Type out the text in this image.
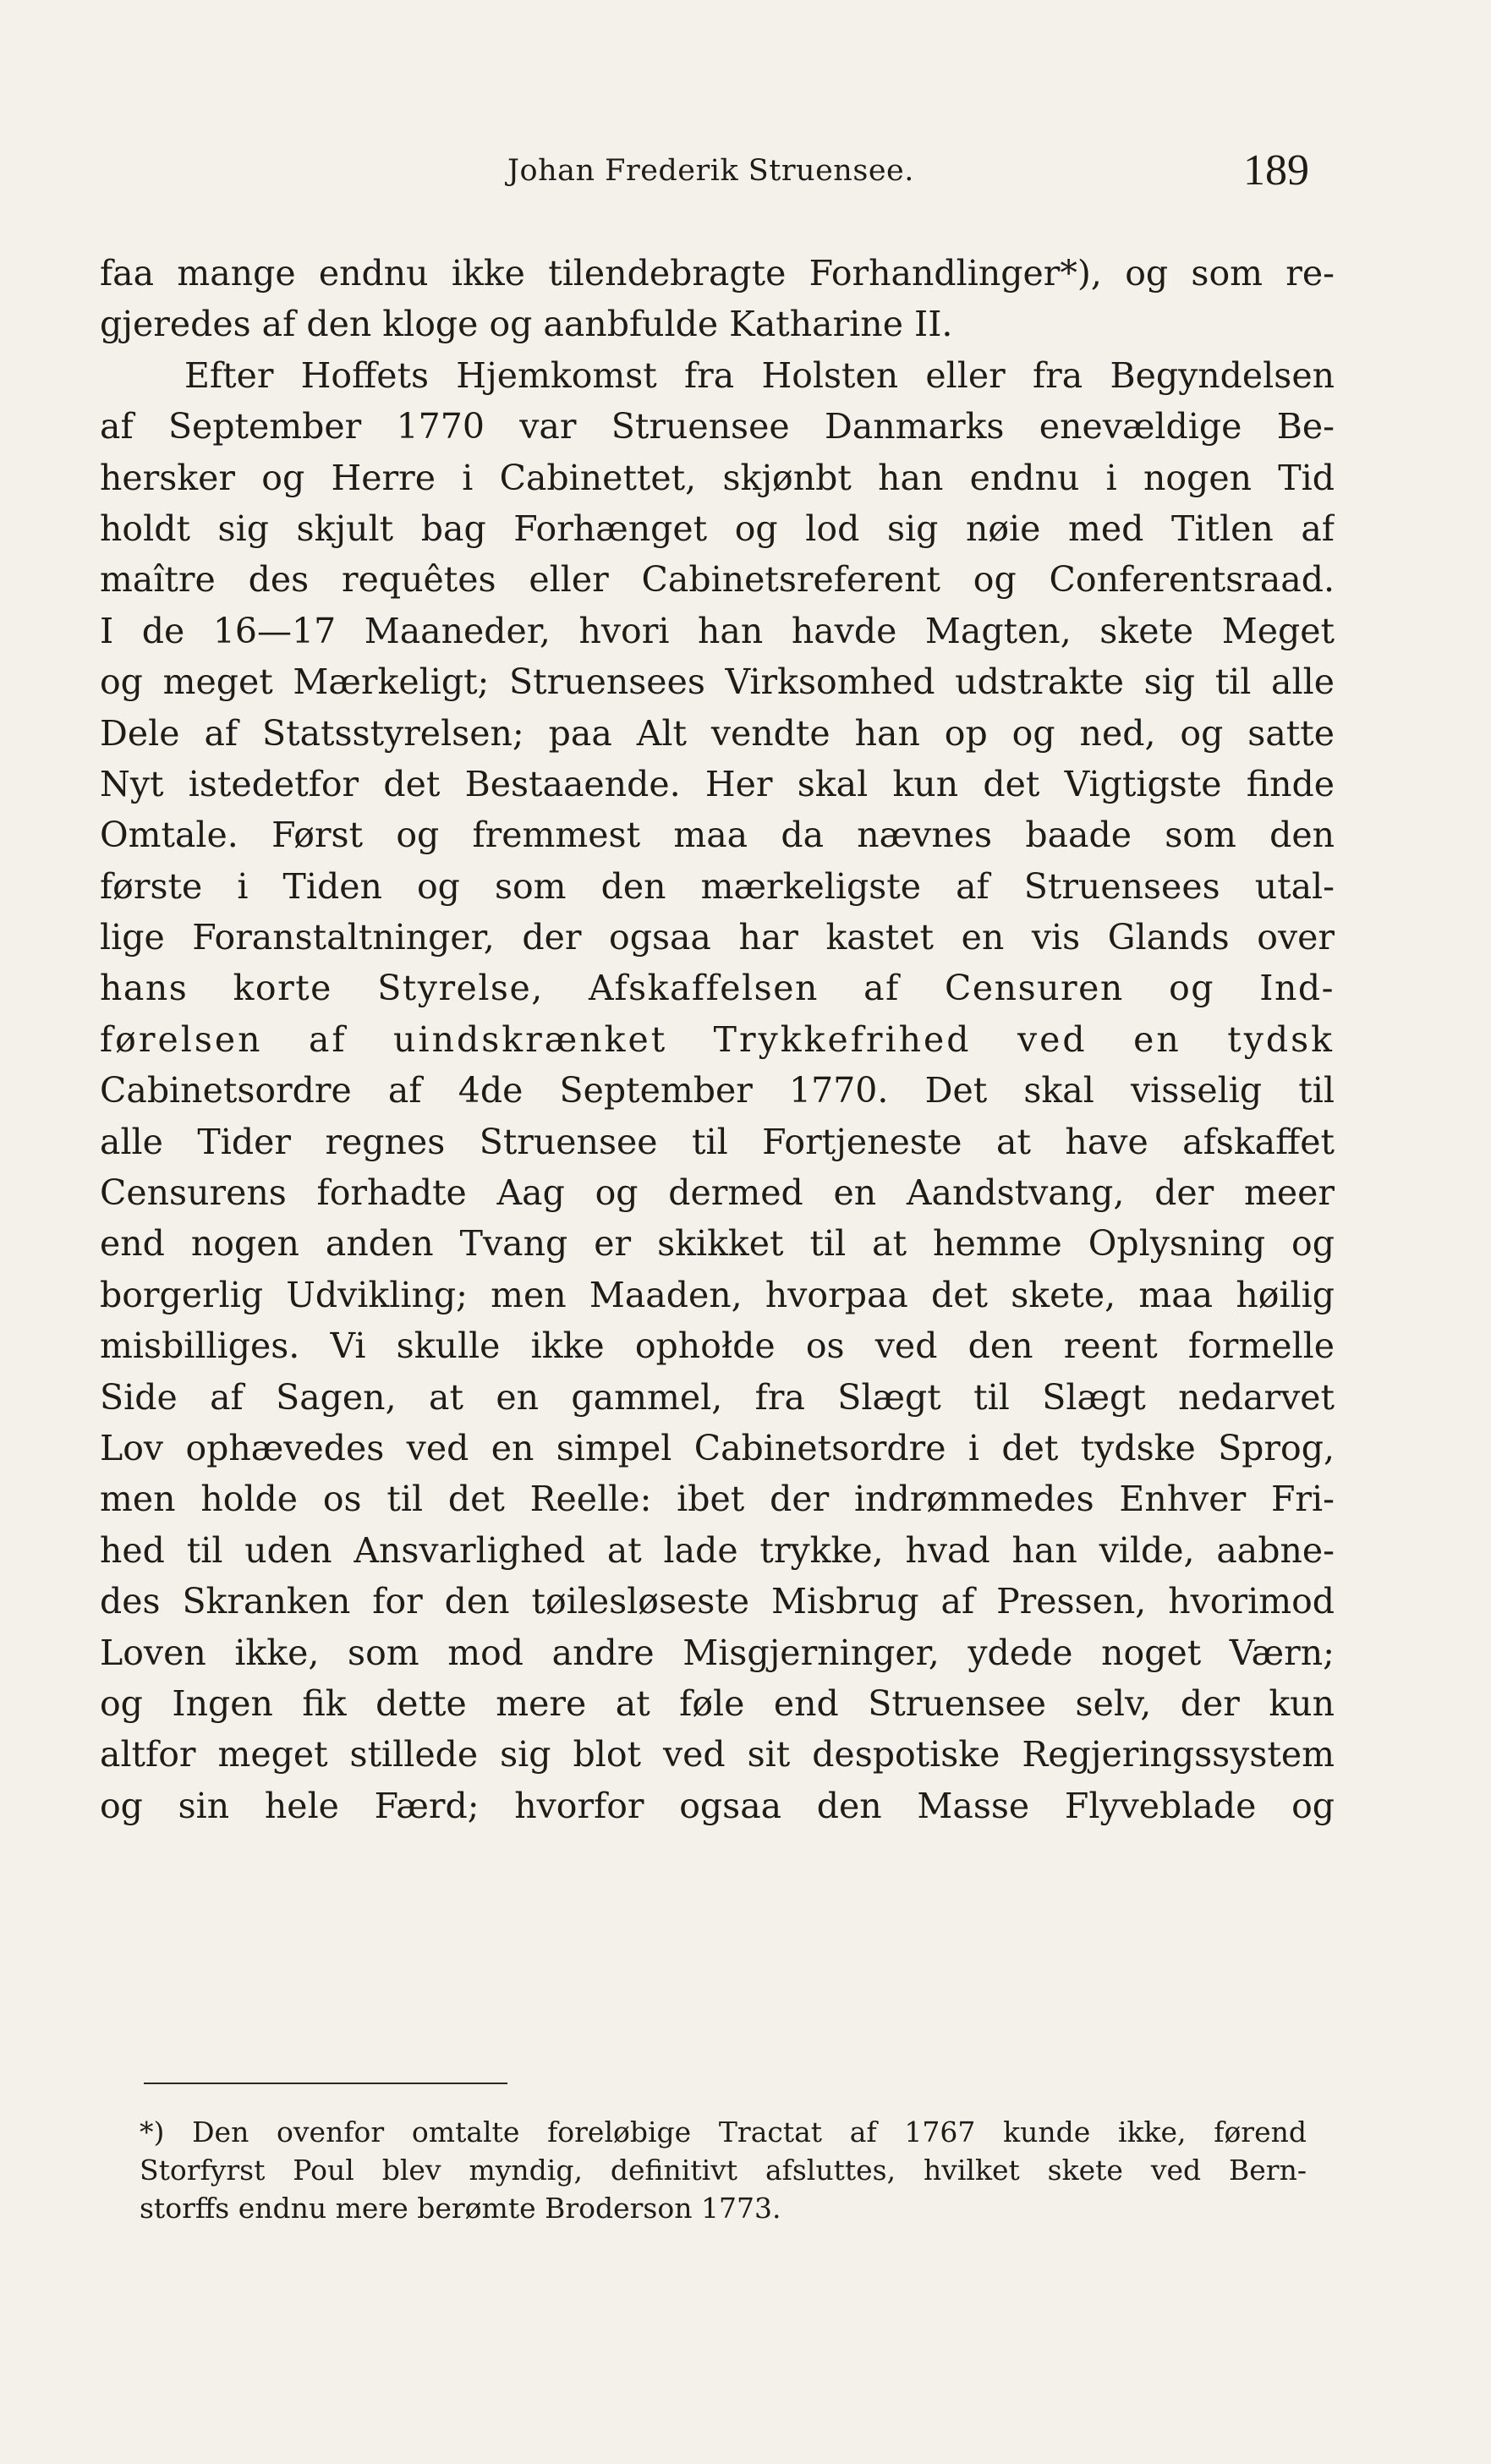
Johan Frederik Struensee.	189
faa mange endnu ikke tilendebragte Forhandlinger*), og som re-
gjeredes af den kloge og aanbfulde Katharine II.
Efter Hoffets Hjemkomst fra Holsten eller fra Begyndelsen
af September 1770 var Struensee Danmarks enevældige Be-
hersker og Herre i Cabinettet, skjønbt han endnu i nogen Tid
holdt sig skjult bag Forhænget og lod sig nøie med Titlen af
maître des requêtes eller Cabinetsreferent og Conferentsraad.
I de 16—17 Maaneder, hvori han havde Magten, skete Meget
og meget Mærkeligt; Struensees Virksomhed udstrakte sig til alle
Dele af Statsstyrelsen; paa Alt vendte han op og ned, og satte
Nyt istedetfor det Bestaaende. Her skal kun det Vigtigste finde
Omtale. Først og fremmest maa da nævnes baade som den
første i Tiden og som den mærkeligste af Struensees utal-
lige Foranstaltninger, der ogsaa har kastet en vis Glands over
hans korte Styrelse, Afskaffelsen af Censuren og Ind-
førelsen af uindskrænket Trykkefrihed ved en tydsk
Cabinetsordre af 4de September 1770. Det skal visselig til
alle Tider regnes Struensee til Fortjeneste at have afskaffet
Censurens forhadte Aag og dermed en Aandstvang, der meer
end nogen anden Tvang er skikket til at hemme Oplysning og
borgerlig Udvikling; men Maaden, hvorpaa det skete, maa høilig
misbilliges. Vi skulle ikke ophołde os ved den reent formelle
Side af Sagen, at en gammel, fra Slægt til Slægt nedarvet
Lov ophævedes ved en simpel Cabinetsordre i det tydske Sprog,
men holde os til det Reelle: ibet der indrømmedes Enhver Fri-
hed til uden Ansvarlighed at lade trykke, hvad han vilde, aabne-
des Skranken for den tøilesløseste Misbrug af Pressen, hvorimod
Loven ikke, som mod andre Misgjerninger, ydede noget Værn;
og Ingen fik dette mere at føle end Struensee selv, der kun
altfor meget stillede sig blot ved sit despotiske Regjeringssystem
og sin hele Færd; hvorfor ogsaa den Masse Flyveblade og
*) Den ovenfor omtalte foreløbige Tractat af 1767 kunde ikke, førend
Storfyrst Poul blev myndig, definitivt afsluttes, hvilket skete ved Bern-
storffs endnu mere berømte Broderson 1773.
